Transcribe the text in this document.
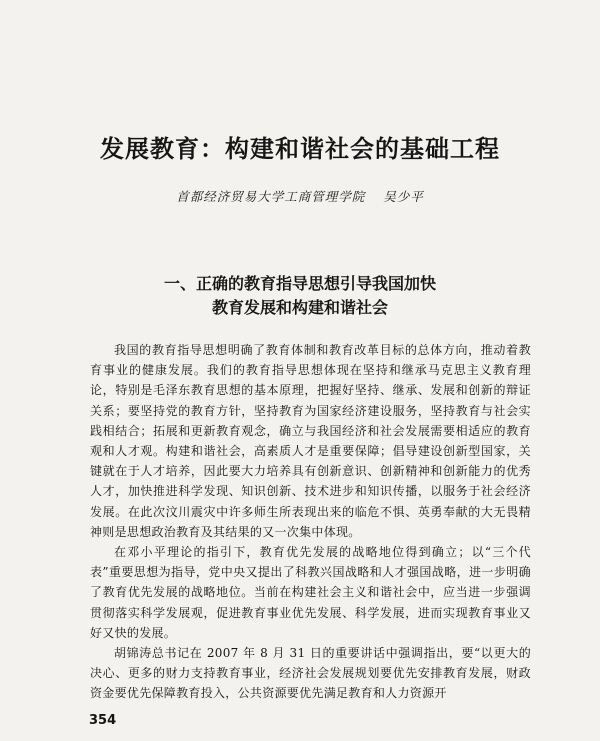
发展教育：构建和谐社会的基础工程
首都经济贸易大学工商管理学院 吴少平
一、正确的教育指导思想引导我国加快
教育发展和构建和谐社会

我国的教育指导思想明确了教育体制和教育改革目标的总体方向，推动着教育事业的健康发展。我们的教育指导思想体现在坚持和继承马克思主义教育理论，特别是毛泽东教育思想的基本原理，把握好坚持、继承、发展和创新的辩证关系；要坚持党的教育方针，坚持教育为国家经济建设服务，坚持教育与社会实践相结合；拓展和更新教育观念，确立与我国经济和社会发展需要相适应的教育观和人才观。构建和谐社会，高素质人才是重要保障；倡导建设创新型国家，关键就在于人才培养，因此要大力培养具有创新意识、创新精神和创新能力的优秀人才，加快推进科学发现、知识创新、技术进步和知识传播，以服务于社会经济发展。在此次汶川震灾中许多师生所表现出来的临危不惧、英勇奉献的大无畏精神则是思想政治教育及其结果的又一次集中体现。

在邓小平理论的指引下，教育优先发展的战略地位得到确立；以“三个代表”重要思想为指导，党中央又提出了科教兴国战略和人才强国战略，进一步明确了教育优先发展的战略地位。当前在构建社会主义和谐社会中，应当进一步强调贯彻落实科学发展观，促进教育事业优先发展、科学发展，进而实现教育事业又好又快的发展。

胡锦涛总书记在 2007 年 8 月 31 日的重要讲话中强调指出，要“以更大的决心、更多的财力支持教育事业，经济社会发展规划要优先安排教育发展，财政资金要优先保障教育投入，公共资源要优先满足教育和人力资源开

354
